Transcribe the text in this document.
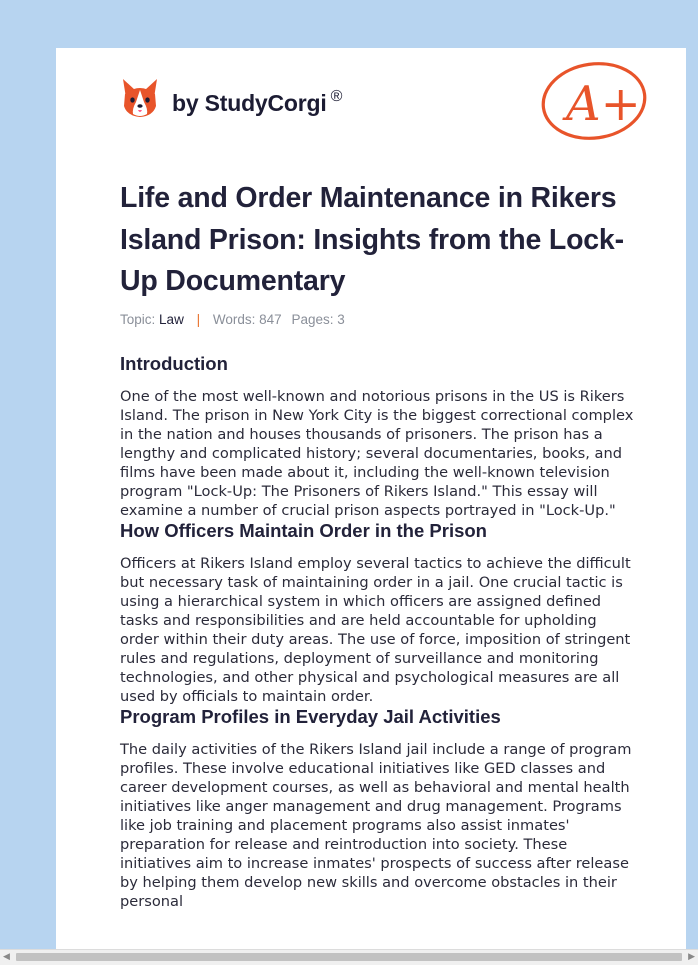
by StudyCorgi ®	A+
Life and Order Maintenance in Rikers Island Prison: Insights from the Lock-Up Documentary
Topic: Law | Words: 847 Pages: 3
Introduction

One of the most well-known and notorious prisons in the US is Rikers Island. The prison in New York City is the biggest correctional complex in the nation and houses thousands of prisoners. The prison has a lengthy and complicated history; several documentaries, books, and films have been made about it, including the well-known television program "Lock-Up: The Prisoners of Rikers Island." This essay will examine a number of crucial prison aspects portrayed in "Lock-Up."

How Officers Maintain Order in the Prison

Officers at Rikers Island employ several tactics to achieve the difficult but necessary task of maintaining order in a jail. One crucial tactic is using a hierarchical system in which officers are assigned defined tasks and responsibilities and are held accountable for upholding order within their duty areas. The use of force, imposition of stringent rules and regulations, deployment of surveillance and monitoring technologies, and other physical and psychological measures are all used by officials to maintain order.

Program Profiles in Everyday Jail Activities

The daily activities of the Rikers Island jail include a range of program profiles. These involve educational initiatives like GED classes and career development courses, as well as behavioral and mental health initiatives like anger management and drug management. Programs like job training and placement programs also assist inmates' preparation for release and reintroduction into society. These initiatives aim to increase inmates' prospects of success after release by helping them develop new skills and overcome obstacles in their personal

◀	▶
